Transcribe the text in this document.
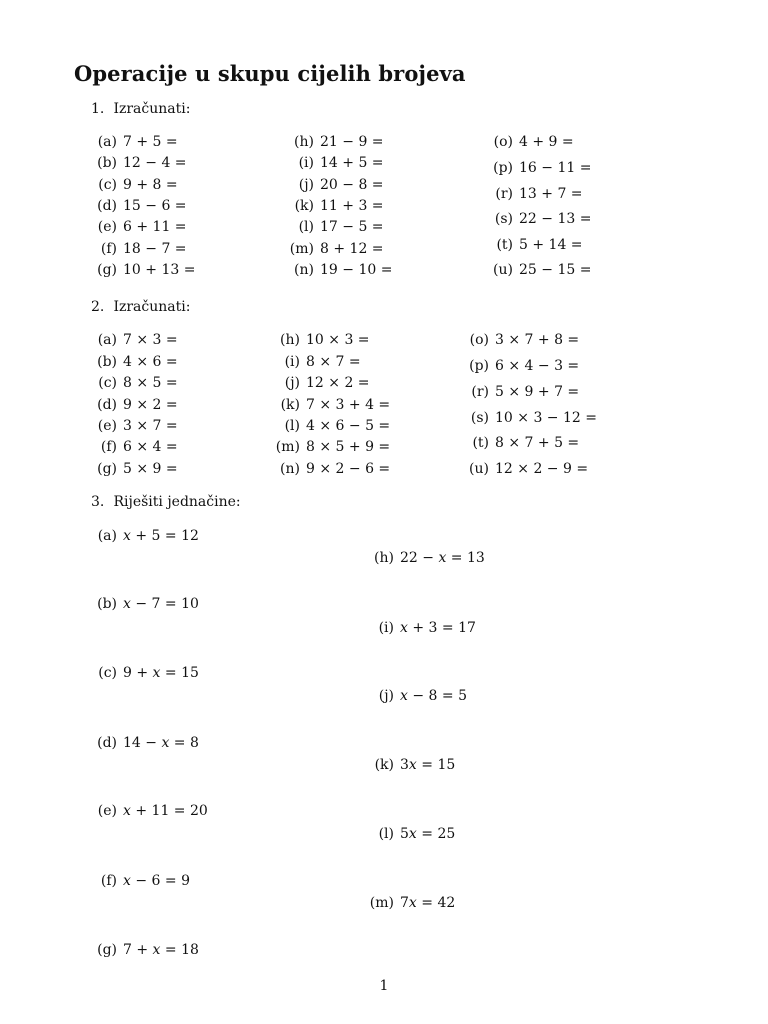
Operacije u skupu cijelih brojeva
1. Izračunati:
(a) 7 + 5 =
(b) 12 − 4 =
(c) 9 + 8 =
(d) 15 − 6 =
(e) 6 + 11 =
(f) 18 − 7 =
(g) 10 + 13 =
(h) 21 − 9 =
(i) 14 + 5 =
(j) 20 − 8 =
(k) 11 + 3 =
(l) 17 − 5 =
(m) 8 + 12 =
(n) 19 − 10 =
(o) 4 + 9 =
(p) 16 − 11 =
(r) 13 + 7 =
(s) 22 − 13 =
(t) 5 + 14 =
(u) 25 − 15 =
2. Izračunati:
(a) 7 × 3 =
(b) 4 × 6 =
(c) 8 × 5 =
(d) 9 × 2 =
(e) 3 × 7 =
(f) 6 × 4 =
(g) 5 × 9 =
(h) 10 × 3 =
(i) 8 × 7 =
(j) 12 × 2 =
(k) 7 × 3 + 4 =
(l) 4 × 6 − 5 =
(m) 8 × 5 + 9 =
(n) 9 × 2 − 6 =
(o) 3 × 7 + 8 =
(p) 6 × 4 − 3 =
(r) 5 × 9 + 7 =
(s) 10 × 3 − 12 =
(t) 8 × 7 + 5 =
(u) 12 × 2 − 9 =
3. Riješiti jednačine:
(a) x + 5 = 12
(b) x − 7 = 10
(c) 9 + x = 15
(d) 14 − x = 8
(e) x + 11 = 20
(f) x − 6 = 9
(g) 7 + x = 18
(h) 22 − x = 13
(i) x + 3 = 17
(j) x − 8 = 5
(k) 3x = 15
(l) 5x = 25
(m) 7x = 42
1
